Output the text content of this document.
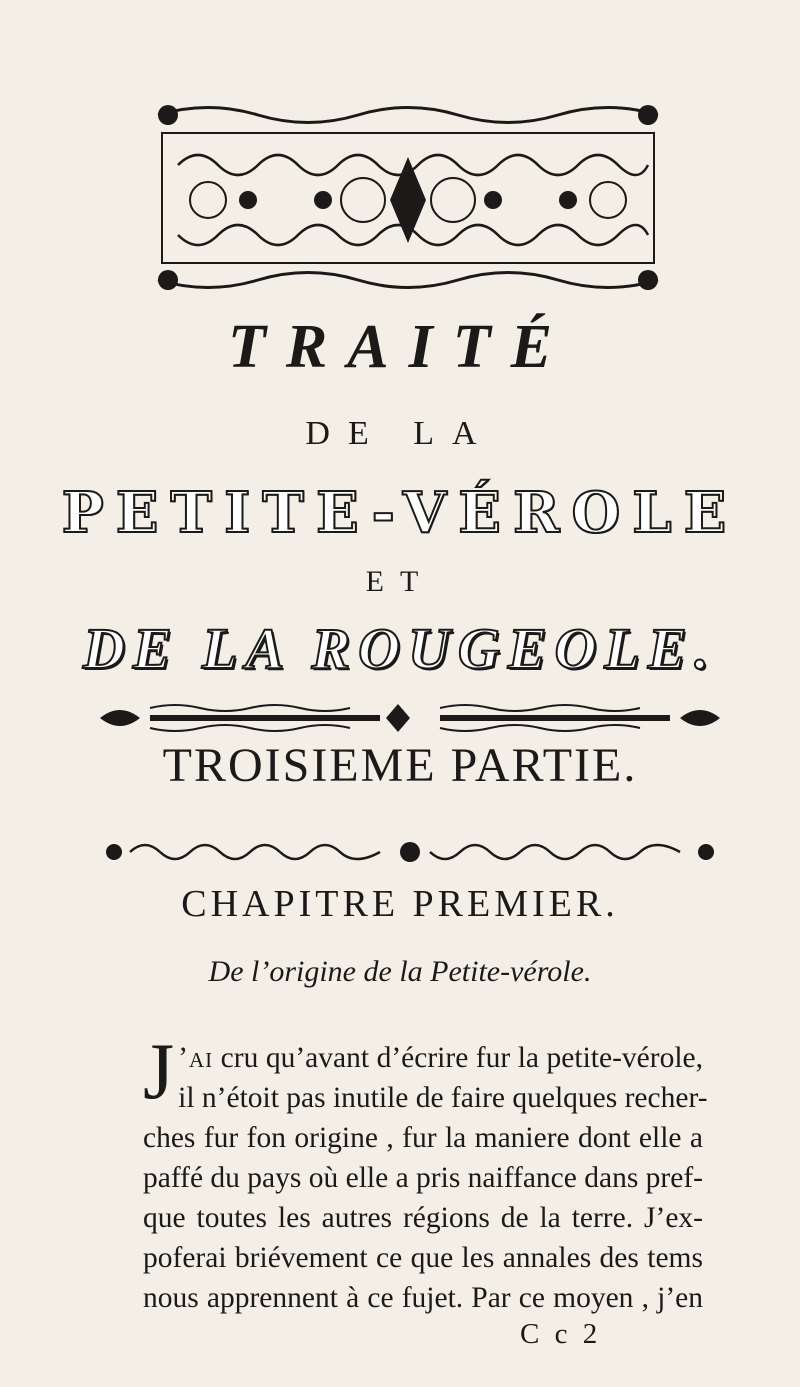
TRAITÉ
DE LA
PETITE-VÉROLE
ET
DE LA ROUGEOLE.
TROISIEME PARTIE.
CHAPITRE PREMIER.
De l’origine de la Petite-vérole.
J ’ai cru qu’avant d’écrire fur la petite-vérole,
il n’étoit pas inutile de faire quelques recher-
ches fur fon origine , fur la maniere dont elle a
paffé du pays où elle a pris naiffance dans pref-
que toutes les autres régions de la terre. J’ex-
poferai briévement ce que les annales des tems
nous apprennent à ce fujet. Par ce moyen , j’en
C c 2
